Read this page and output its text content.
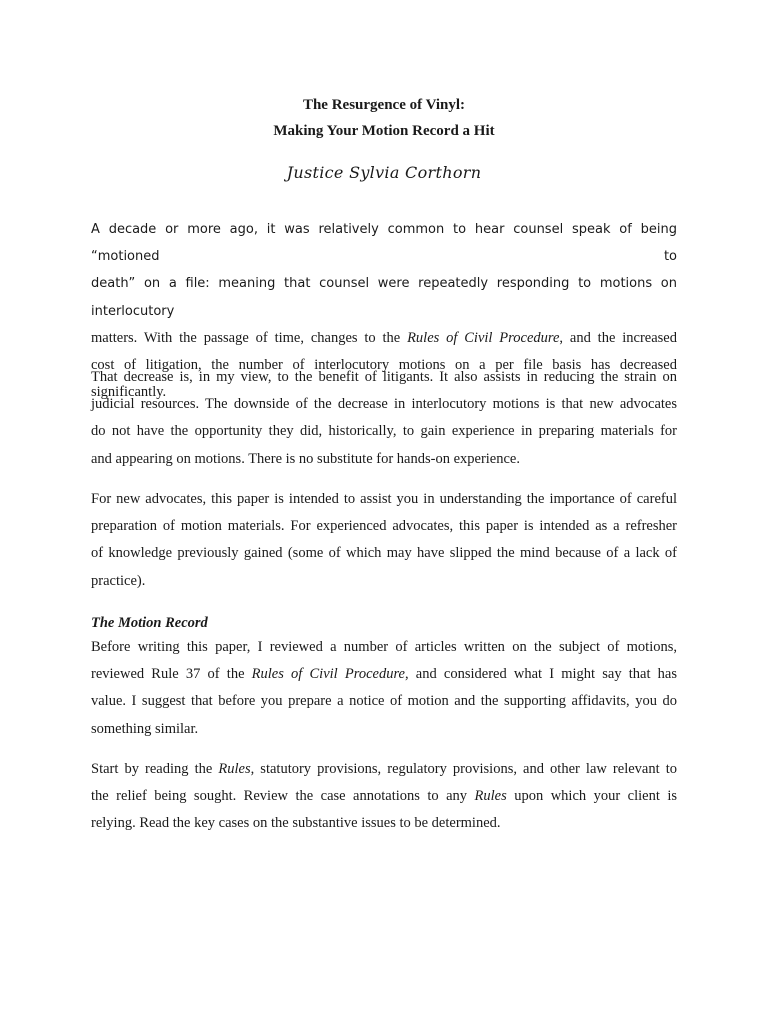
The Resurgence of Vinyl:
Making Your Motion Record a Hit
Justice Sylvia Corthorn
A decade or more ago, it was relatively common to hear counsel speak of being “motioned to
death” on a file: meaning that counsel were repeatedly responding to motions on interlocutory
matters. With the passage of time, changes to the Rules of Civil Procedure, and the increased
cost of litigation, the number of interlocutory motions on a per file basis has decreased
significantly.
That decrease is, in my view, to the benefit of litigants. It also assists in reducing the strain on
judicial resources. The downside of the decrease in interlocutory motions is that new advocates
do not have the opportunity they did, historically, to gain experience in preparing materials for
and appearing on motions. There is no substitute for hands-on experience.
For new advocates, this paper is intended to assist you in understanding the importance of careful
preparation of motion materials. For experienced advocates, this paper is intended as a refresher
of knowledge previously gained (some of which may have slipped the mind because of a lack of
practice).
The Motion Record
Before writing this paper, I reviewed a number of articles written on the subject of motions,
reviewed Rule 37 of the Rules of Civil Procedure, and considered what I might say that has
value. I suggest that before you prepare a notice of motion and the supporting affidavits, you do
something similar.
Start by reading the Rules, statutory provisions, regulatory provisions, and other law relevant to
the relief being sought. Review the case annotations to any Rules upon which your client is
relying. Read the key cases on the substantive issues to be determined.
